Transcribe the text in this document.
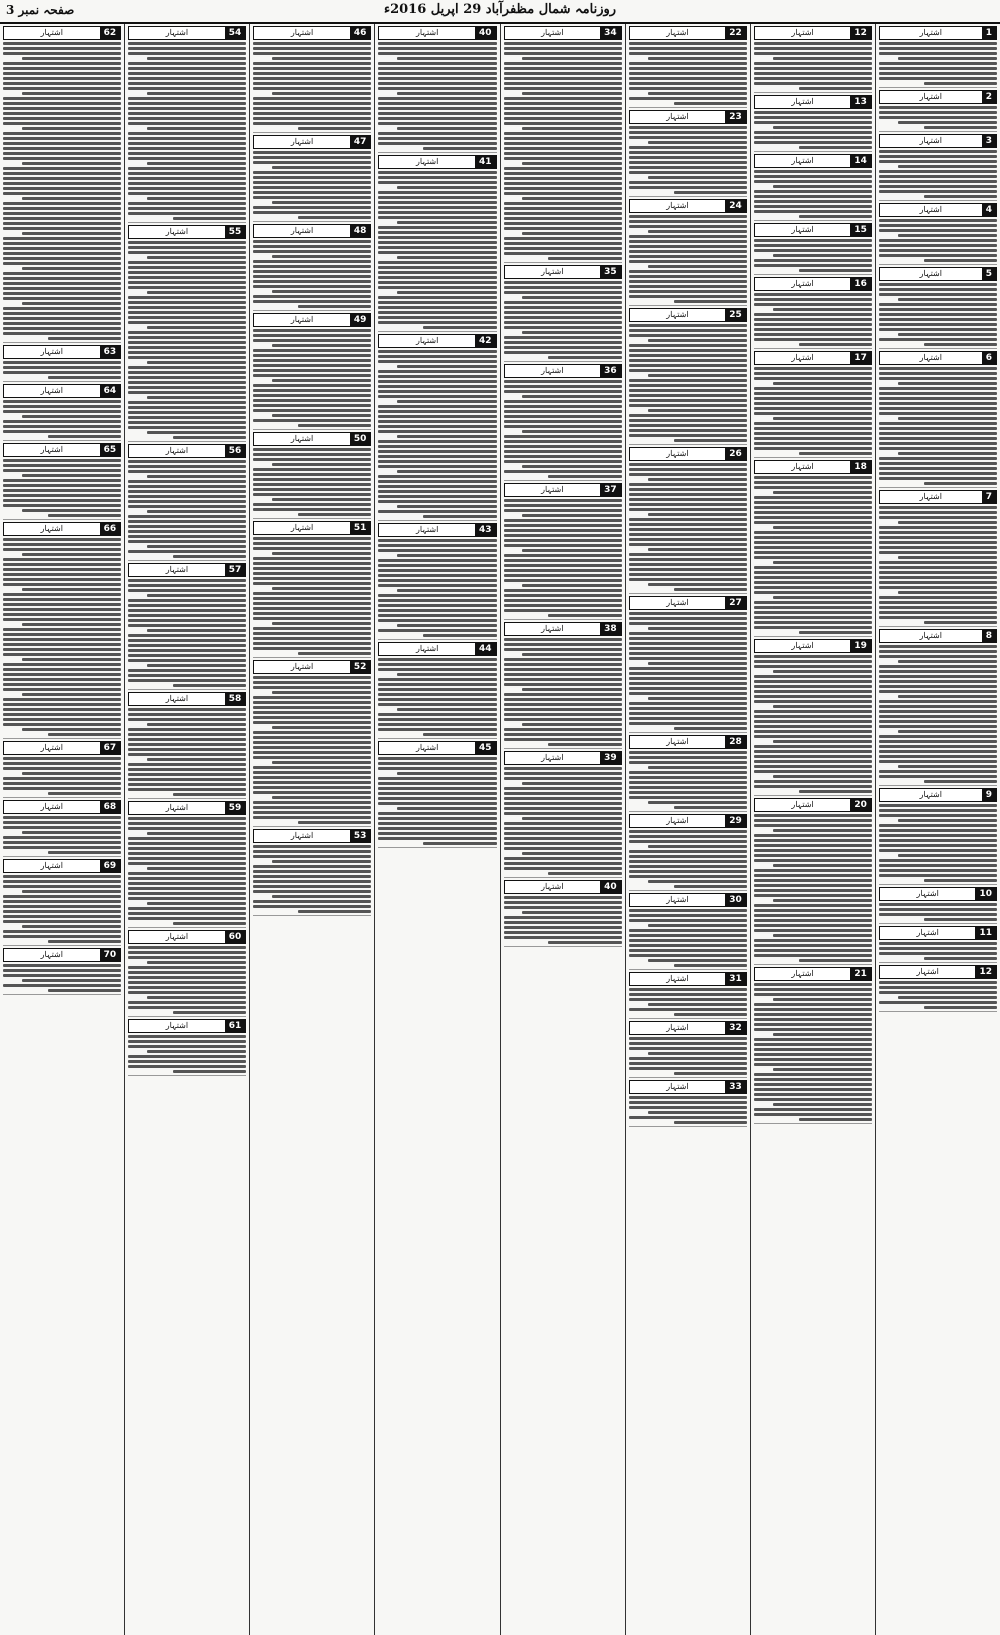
صفحہ نمبر 3	روزنامہ شمال مظفرآباد 29 اپریل 2016ء
1
اشتہار
2
اشتہار
3
اشتہار
4
اشتہار
5
اشتہار
6
اشتہار
7
اشتہار
8
اشتہار
9
اشتہار
10
اشتہار
11
اشتہار
12
اشتہار
12
اشتہار
13
اشتہار
14
اشتہار
15
اشتہار
16
اشتہار
17
اشتہار
18
اشتہار
19
اشتہار
20
اشتہار
21
اشتہار
22
اشتہار
23
اشتہار
24
اشتہار
25
اشتہار
26
اشتہار
27
اشتہار
28
اشتہار
29
اشتہار
30
اشتہار
31
اشتہار
32
اشتہار
33
اشتہار
34
اشتہار
35
اشتہار
36
اشتہار
37
اشتہار
38
اشتہار
39
اشتہار
40
اشتہار
40
اشتہار
41
اشتہار
42
اشتہار
43
اشتہار
44
اشتہار
45
اشتہار
46
اشتہار
47
اشتہار
48
اشتہار
49
اشتہار
50
اشتہار
51
اشتہار
52
اشتہار
53
اشتہار
54
اشتہار
55
اشتہار
56
اشتہار
57
اشتہار
58
اشتہار
59
اشتہار
60
اشتہار
61
اشتہار
62
اشتہار
63
اشتہار
64
اشتہار
65
اشتہار
66
اشتہار
67
اشتہار
68
اشتہار
69
اشتہار
70
اشتہار
